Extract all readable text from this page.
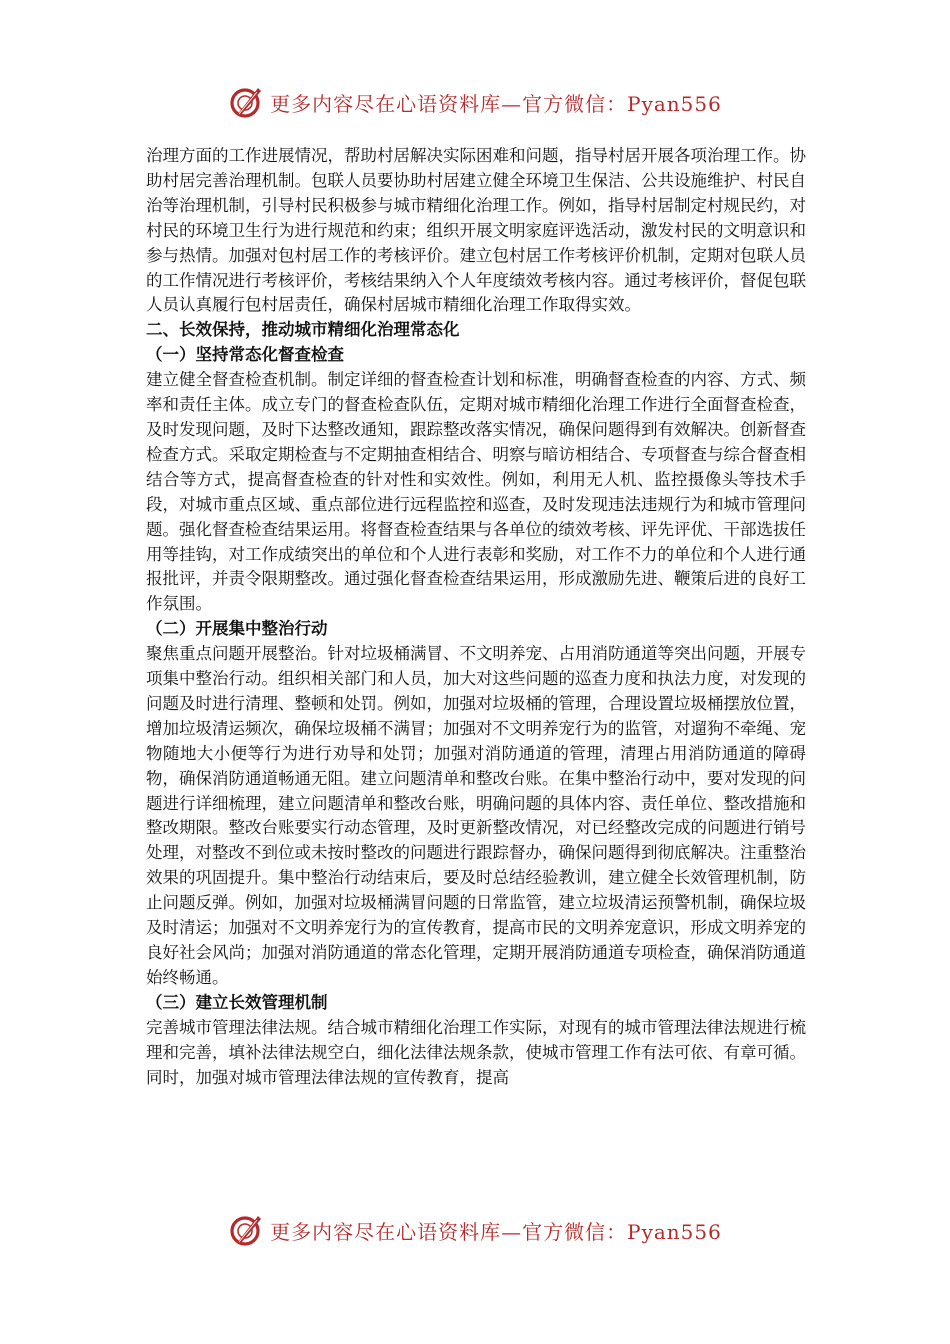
更多内容尽在心语资料库—官方微信：Pyan556

治理方面的工作进展情况，帮助村居解决实际困难和问题，指导村居开展各项治理工作。协助村居完善治理机制。包联人员要协助村居建立健全环境卫生保洁、公共设施维护、村民自治等治理机制，引导村民积极参与城市精细化治理工作。例如，指导村居制定村规民约，对村民的环境卫生行为进行规范和约束；组织开展文明家庭评选活动，激发村民的文明意识和参与热情。加强对包村居工作的考核评价。建立包村居工作考核评价机制，定期对包联人员的工作情况进行考核评价，考核结果纳入个人年度绩效考核内容。通过考核评价，督促包联人员认真履行包村居责任，确保村居城市精细化治理工作取得实效。

二、长效保持，推动城市精细化治理常态化
（一）坚持常态化督查检查

建立健全督查检查机制。制定详细的督查检查计划和标准，明确督查检查的内容、方式、频率和责任主体。成立专门的督查检查队伍，定期对城市精细化治理工作进行全面督查检查，及时发现问题，及时下达整改通知，跟踪整改落实情况，确保问题得到有效解决。创新督查检查方式。采取定期检查与不定期抽查相结合、明察与暗访相结合、专项督查与综合督查相结合等方式，提高督查检查的针对性和实效性。例如，利用无人机、监控摄像头等技术手段，对城市重点区域、重点部位进行远程监控和巡查，及时发现违法违规行为和城市管理问题。强化督查检查结果运用。将督查检查结果与各单位的绩效考核、评先评优、干部选拔任用等挂钩，对工作成绩突出的单位和个人进行表彰和奖励，对工作不力的单位和个人进行通报批评，并责令限期整改。通过强化督查检查结果运用，形成激励先进、鞭策后进的良好工作氛围。

（二）开展集中整治行动

聚焦重点问题开展整治。针对垃圾桶满冒、不文明养宠、占用消防通道等突出问题，开展专项集中整治行动。组织相关部门和人员，加大对这些问题的巡查力度和执法力度，对发现的问题及时进行清理、整顿和处罚。例如，加强对垃圾桶的管理，合理设置垃圾桶摆放位置，增加垃圾清运频次，确保垃圾桶不满冒；加强对不文明养宠行为的监管，对遛狗不牵绳、宠物随地大小便等行为进行劝导和处罚；加强对消防通道的管理，清理占用消防通道的障碍物，确保消防通道畅通无阻。建立问题清单和整改台账。在集中整治行动中，要对发现的问题进行详细梳理，建立问题清单和整改台账，明确问题的具体内容、责任单位、整改措施和整改期限。整改台账要实行动态管理，及时更新整改情况，对已经整改完成的问题进行销号处理，对整改不到位或未按时整改的问题进行跟踪督办，确保问题得到彻底解决。注重整治效果的巩固提升。集中整治行动结束后，要及时总结经验教训，建立健全长效管理机制，防止问题反弹。例如，加强对垃圾桶满冒问题的日常监管，建立垃圾清运预警机制，确保垃圾及时清运；加强对不文明养宠行为的宣传教育，提高市民的文明养宠意识，形成文明养宠的良好社会风尚；加强对消防通道的常态化管理，定期开展消防通道专项检查，确保消防通道始终畅通。

（三）建立长效管理机制

完善城市管理法律法规。结合城市精细化治理工作实际，对现有的城市管理法律法规进行梳理和完善，填补法律法规空白，细化法律法规条款，使城市管理工作有法可依、有章可循。同时，加强对城市管理法律法规的宣传教育，提高

更多内容尽在心语资料库—官方微信：Pyan556
